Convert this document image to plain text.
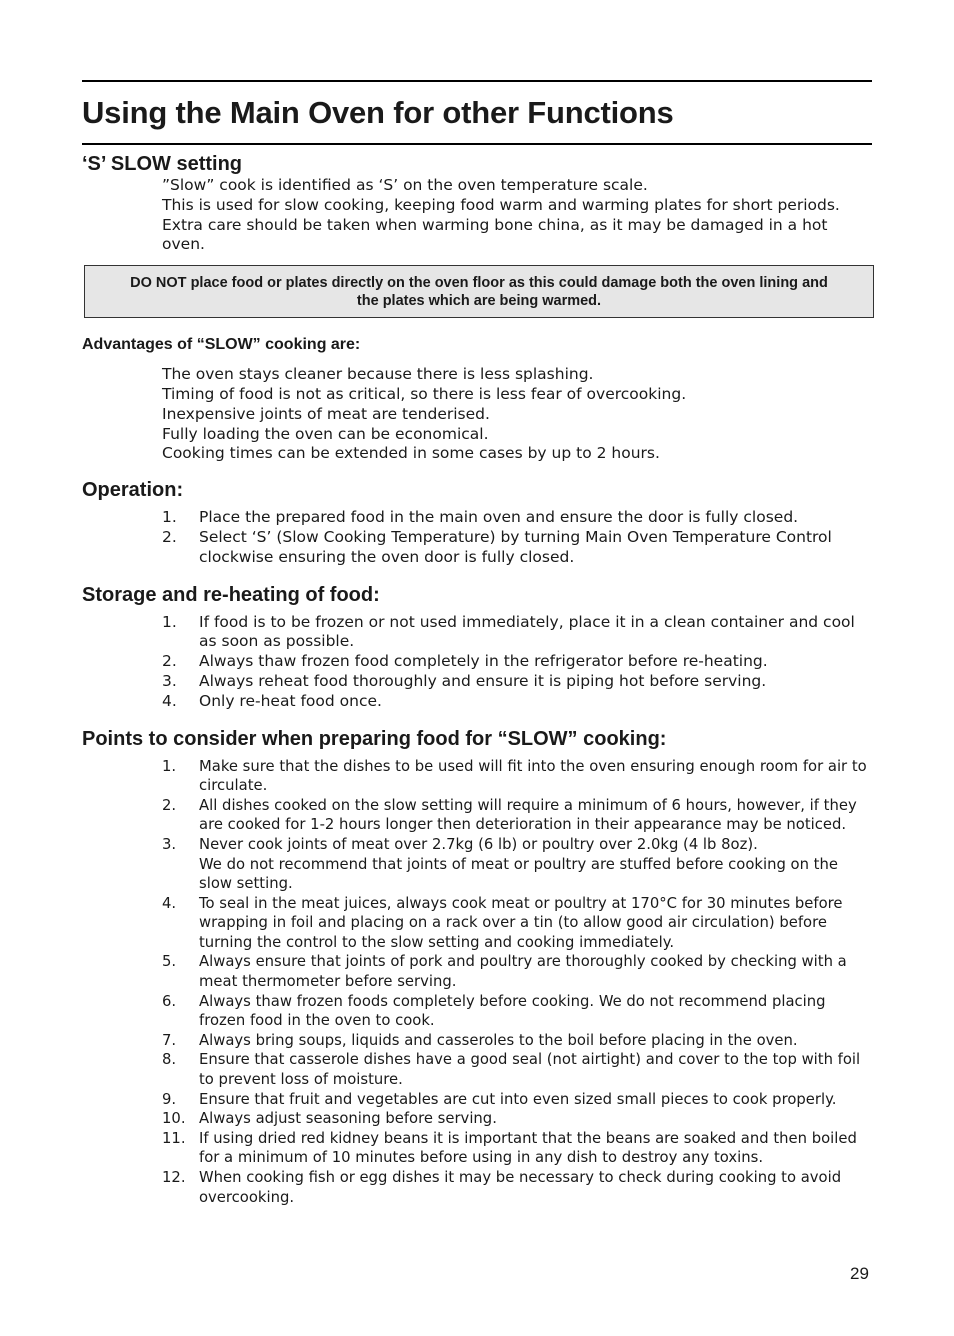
Using the Main Oven for other Functions
‘S’ SLOW setting
”Slow” cook is identified as ‘S’ on the oven temperature scale.
This is used for slow cooking, keeping food warm and warming plates for short periods. Extra care should be taken when warming bone china, as it may be damaged in a hot oven.
DO NOT place food or plates directly on the oven floor as this could damage both the oven lining and the plates which are being warmed.
Advantages of “SLOW” cooking are:
The oven stays cleaner because there is less splashing.
Timing of food is not as critical, so there is less fear of overcooking.
Inexpensive joints of meat are tenderised.
Fully loading the oven can be economical.
Cooking times can be extended in some cases by up to 2 hours.
Operation:
1. Place the prepared food in the main oven and ensure the door is fully closed.
2. Select ‘S’ (Slow Cooking Temperature) by turning Main Oven Temperature Control clockwise ensuring the oven door is fully closed.
Storage and re-heating of food:
1. If food is to be frozen or not used immediately, place it in a clean container and cool as soon as possible.
2. Always thaw frozen food completely in the refrigerator before re-heating.
3. Always reheat food thoroughly and ensure it is piping hot before serving.
4. Only re-heat food once.
Points to consider when preparing food for “SLOW” cooking:
1. Make sure that the dishes to be used will fit into the oven ensuring enough room for air to circulate.
2. All dishes cooked on the slow setting will require a minimum of 6 hours, however, if they are cooked for 1-2 hours longer then deterioration in their appearance may be noticed.
3. Never cook joints of meat over 2.7kg (6 lb) or poultry over 2.0kg (4 lb 8oz).
We do not recommend that joints of meat or poultry are stuffed before cooking on the slow setting.
4. To seal in the meat juices, always cook meat or poultry at 170°C for 30 minutes before wrapping in foil and placing on a rack over a tin (to allow good air circulation) before turning the control to the slow setting and cooking immediately.
5. Always ensure that joints of pork and poultry are thoroughly cooked by checking with a meat thermometer before serving.
6. Always thaw frozen foods completely before cooking. We do not recommend placing frozen food in the oven to cook.
7. Always bring soups, liquids and casseroles to the boil before placing in the oven.
8. Ensure that casserole dishes have a good seal (not airtight) and cover to the top with foil to prevent loss of moisture.
9. Ensure that fruit and vegetables are cut into even sized small pieces to cook properly.
10. Always adjust seasoning before serving.
11. If using dried red kidney beans it is important that the beans are soaked and then boiled for a minimum of 10 minutes before using in any dish to destroy any toxins.
12. When cooking fish or egg dishes it may be necessary to check during cooking to avoid overcooking.
29
